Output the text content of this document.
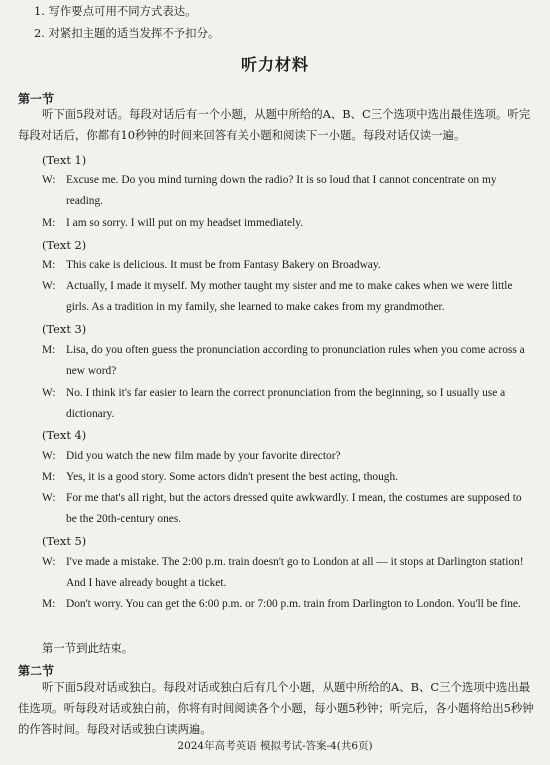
1. 写作要点可用不同方式表达。
2. 对紧扣主题的适当发挥不予扣分。
听力材料
第一节
听下面5段对话。每段对话后有一个小题，从题中所给的A、B、C三个选项中选出最佳选项。听完每段对话后，你都有10秒钟的时间来回答有关小题和阅读下一小题。每段对话仅读一遍。
(Text 1)
W: Excuse me. Do you mind turning down the radio? It is so loud that I cannot concentrate on my reading.
M: I am so sorry. I will put on my headset immediately.
(Text 2)
M: This cake is delicious. It must be from Fantasy Bakery on Broadway.
W: Actually, I made it myself. My mother taught my sister and me to make cakes when we were little girls. As a tradition in my family, she learned to make cakes from my grandmother.
(Text 3)
M: Lisa, do you often guess the pronunciation according to pronunciation rules when you come across a new word?
W: No. I think it's far easier to learn the correct pronunciation from the beginning, so I usually use a dictionary.
(Text 4)
W: Did you watch the new film made by your favorite director?
M: Yes, it is a good story. Some actors didn't present the best acting, though.
W: For me that's all right, but the actors dressed quite awkwardly. I mean, the costumes are supposed to be the 20th-century ones.
(Text 5)
W: I've made a mistake. The 2:00 p.m. train doesn't go to London at all — it stops at Darlington station! And I have already bought a ticket.
M: Don't worry. You can get the 6:00 p.m. or 7:00 p.m. train from Darlington to London. You'll be fine.
第一节到此结束。
第二节
听下面5段对话或独白。每段对话或独白后有几个小题，从题中所给的A、B、C三个选项中选出最佳选项。听每段对话或独白前，你将有时间阅读各个小题，每小题5秒钟；听完后，各小题将给出5秒钟的作答时间。每段对话或独白读两遍。
2024年高考英语 模拟考试-答案-4(共6页)
